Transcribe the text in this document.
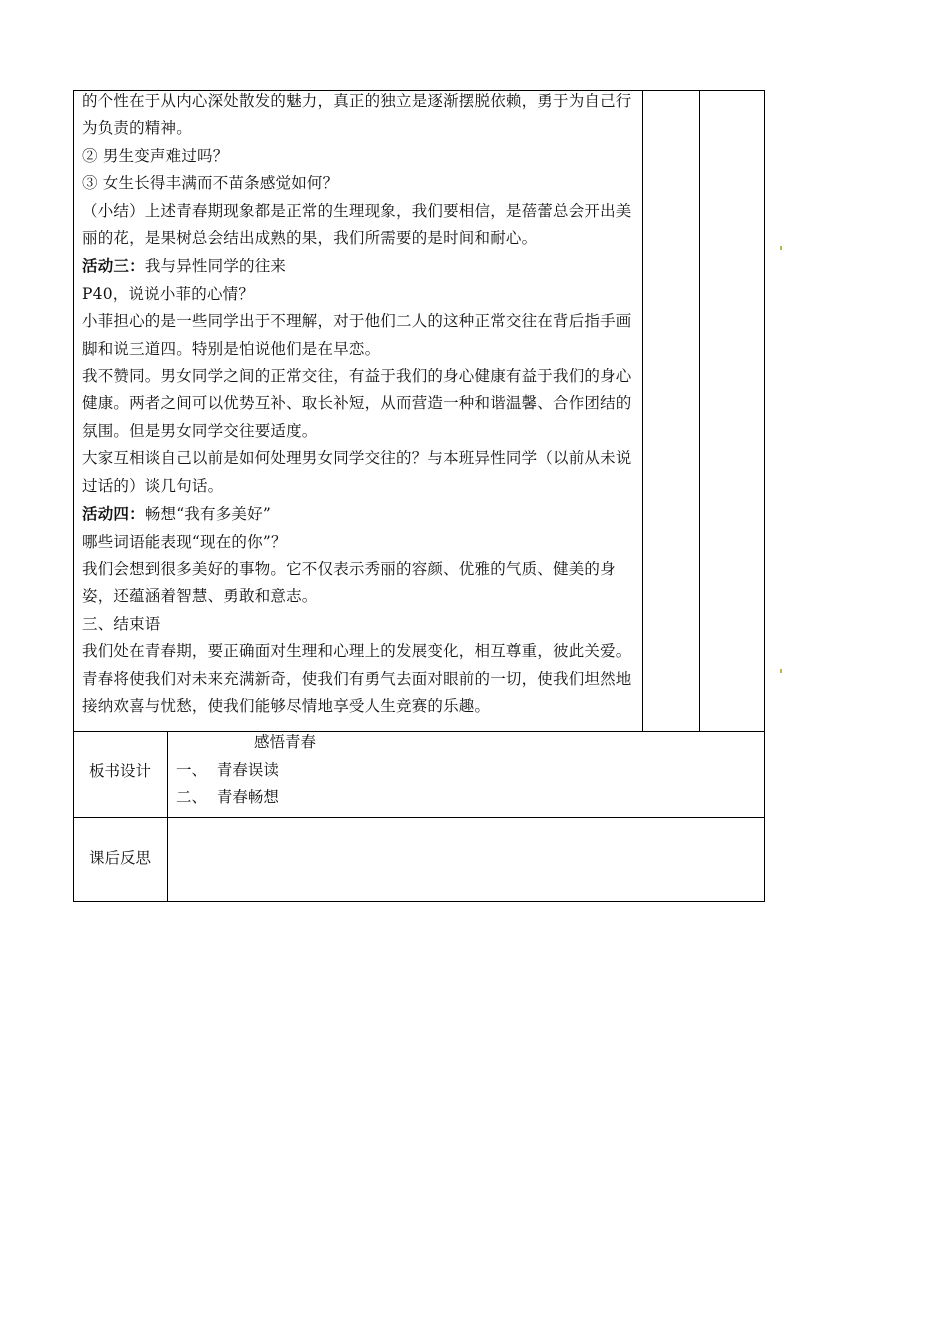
的个性在于从内心深处散发的魅力，真正的独立是逐渐摆脱依赖，勇于为自己行为负责的精神。

② 男生变声难过吗？

③ 女生长得丰满而不苗条感觉如何？

（小结）上述青春期现象都是正常的生理现象，我们要相信，是蓓蕾总会开出美丽的花，是果树总会结出成熟的果，我们所需要的是时间和耐心。

活动三：我与异性同学的往来

P40，说说小菲的心情？

小菲担心的是一些同学出于不理解，对于他们二人的这种正常交往在背后指手画脚和说三道四。特别是怕说他们是在早恋。

我不赞同。男女同学之间的正常交往，有益于我们的身心健康有益于我们的身心健康。两者之间可以优势互补、取长补短，从而营造一种和谐温馨、合作团结的氛围。但是男女同学交往要适度。

大家互相谈自己以前是如何处理男女同学交往的？与本班异性同学（以前从未说过话的）谈几句话。

活动四：畅想“我有多美好”

哪些词语能表现“现在的你”？

我们会想到很多美好的事物。它不仅表示秀丽的容颜、优雅的气质、健美的身姿，还蕴涵着智慧、勇敢和意志。

三、结束语

我们处在青春期，要正确面对生理和心理上的发展变化，相互尊重，彼此关爱。青春将使我们对未来充满新奇，使我们有勇气去面对眼前的一切，使我们坦然地接纳欢喜与忧愁，使我们能够尽情地享受人生竞赛的乐趣。

板书设计
感悟青春
一、  青春误读
二、  青春畅想
课后反思
